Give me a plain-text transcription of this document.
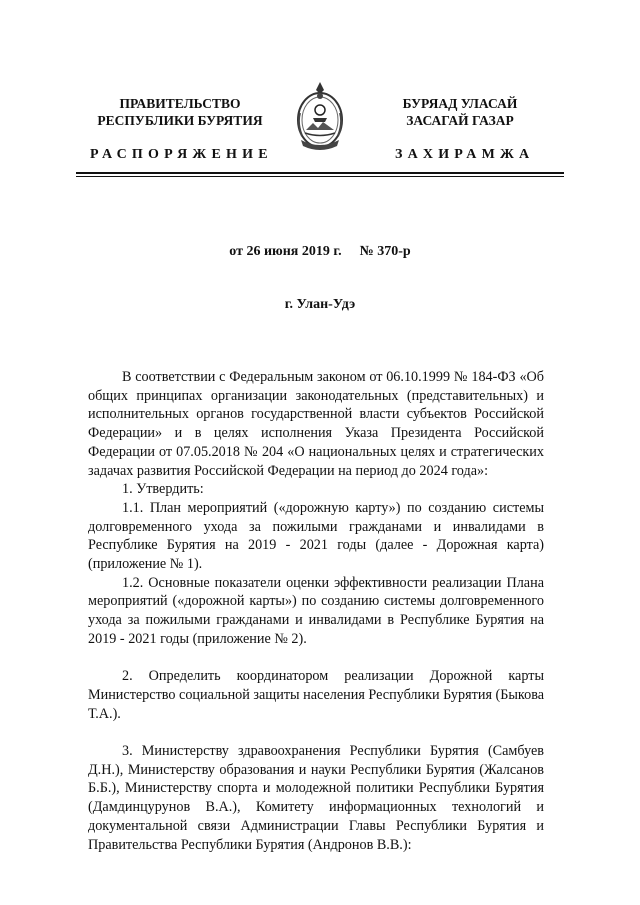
ПРАВИТЕЛЬСТВО
РЕСПУБЛИКИ БУРЯТИЯ
БУРЯАД УЛАСАЙ
ЗАСАГАЙ ГАЗАР
РАСПОРЯЖЕНИЕ	ЗАХИРАМЖА
от 26 июня 2019 г. № 370-р
г. Улан-Удэ

В соответствии с Федеральным законом от 06.10.1999 № 184-ФЗ «Об общих принципах организации законодательных (представительных) и исполнительных органов государственной власти субъектов Российской Федерации» и в целях исполнения Указа Президента Российской Федерации от 07.05.2018 № 204 «О национальных целях и стратегических задачах развития Российской Федерации на период до 2024 года»:

1. Утвердить:

1.1. План мероприятий («дорожную карту») по созданию системы долговременного ухода за пожилыми гражданами и инвалидами в Республике Бурятия на 2019 - 2021 годы (далее - Дорожная карта) (приложение № 1).

1.2. Основные показатели оценки эффективности реализации Плана мероприятий («дорожной карты») по созданию системы долговременного ухода за пожилыми гражданами и инвалидами в Республике Бурятия на 2019 - 2021 годы (приложение № 2).

2. Определить координатором реализации Дорожной карты Министерство социальной защиты населения Республики Бурятия (Быкова Т.А.).

3. Министерству здравоохранения Республики Бурятия (Самбуев Д.Н.), Министерству образования и науки Республики Бурятия (Жалсанов Б.Б.), Министерству спорта и молодежной политики Республики Бурятия (Дамдинцурунов В.А.), Комитету информационных технологий и документальной связи Администрации Главы Республики Бурятия и Правительства Республики Бурятия (Андронов В.В.):
